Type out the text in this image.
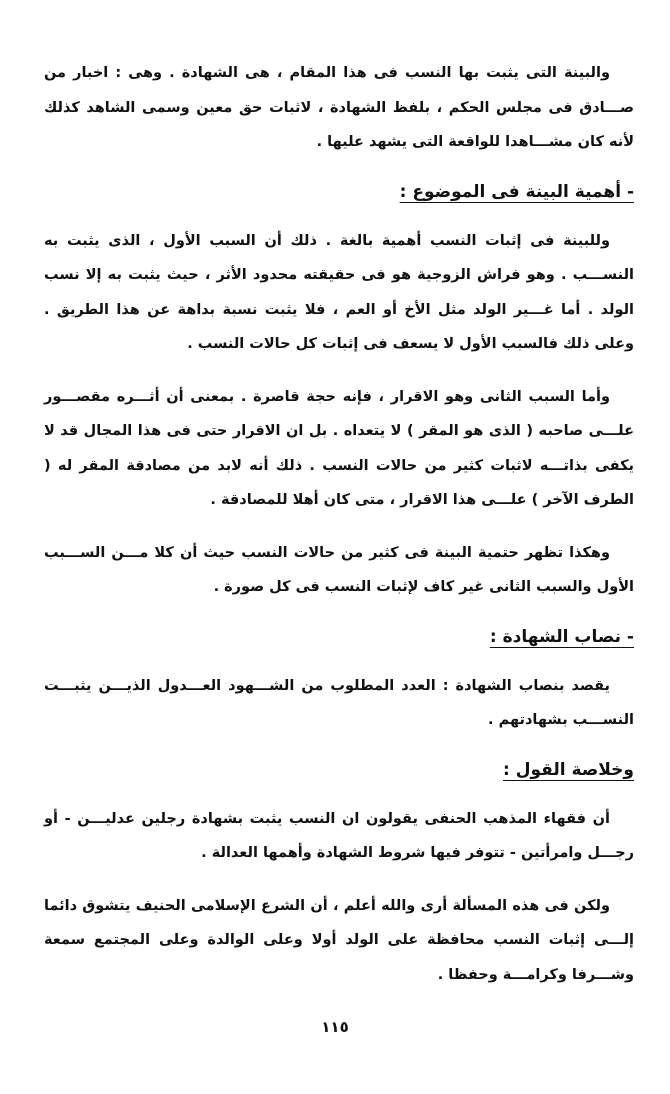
والبينة التى يثبت بها النسب فى هذا المقام ، هى الشهادة . وهى : اخبار من صـــادق فى مجلس الحكم ، بلفظ الشهادة ، لاثبات حق معين وسمى الشاهد كذلك لأنه كان مشـــاهدا للواقعة التى يشهد عليها .

- أهمية البينة فى الموضوع :

وللبينة فى إثبات النسب أهمية بالغة . ذلك أن السبب الأول ، الذى يثبت به النســـب . وهو فراش الزوجية هو فى حقيقته محدود الأثر ، حيث يثبت به إلا نسب الولد . أما غـــير الولد مثل الأخ أو العم ، فلا يثبت نسبة بداهة عن هذا الطريق . وعلى ذلك فالسبب الأول لا يسعف فى إثبات كل حالات النسب .

وأما السبب الثانى وهو الاقرار ، فإنه حجة قاصرة . بمعنى أن أثـــره مقصـــور علـــى صاحبه ( الذى هو المقر ) لا يتعداه . بل ان الاقرار حتى فى هذا المجال قد لا يكفى بذاتـــه لاثبات كثير من حالات النسب . ذلك أنه لابد من مصادقة المقر له ( الطرف الآخر ) علـــى هذا الاقرار ، متى كان أهلا للمصادقة .

وهكذا تظهر حتمية البينة فى كثير من حالات النسب حيث أن كلا مـــن الســـبب الأول والسبب الثانى غير كاف لإثبات النسب فى كل صورة .

- نصاب الشهادة :

يقصد بنصاب الشهادة : العدد المطلوب من الشـــهود العـــدول الذيـــن يثبـــت النســـب بشهادتهم .

وخلاصة القول :

أن فقهاء المذهب الحنفى يقولون ان النسب يثبت بشهادة رجلين عدليـــن - أو رجـــل وامرأتين - تتوفر فيها شروط الشهادة وأهمها العدالة .

ولكن فى هذه المسألة أرى والله أعلم ، أن الشرع الإسلامى الحنيف يتشوق دائما إلـــى إثبات النسب محافظة على الولد أولا وعلى الوالدة وعلى المجتمع سمعة وشـــرفا وكرامـــة وحفظا .

١١٥
